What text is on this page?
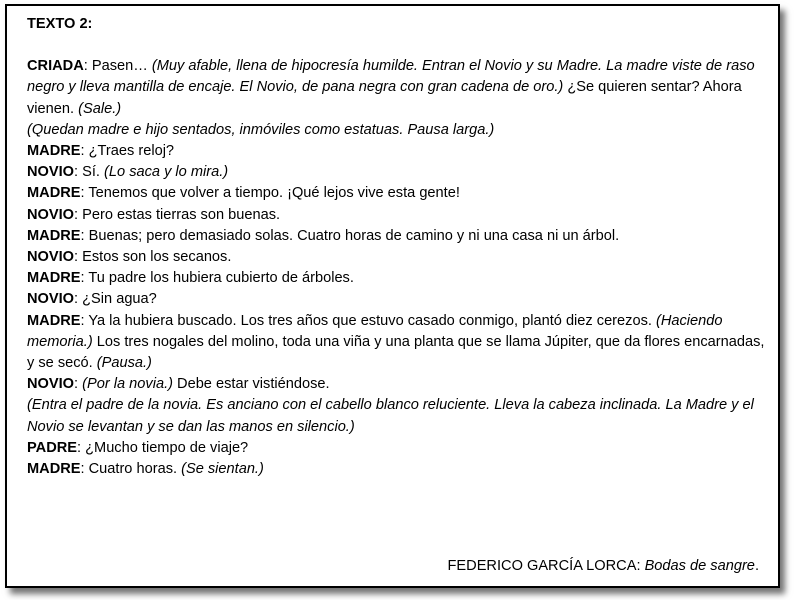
TEXTO 2:

CRIADA: Pasen… (Muy afable, llena de hipocresía humilde. Entran el Novio y su Madre. La madre viste de raso negro y lleva mantilla de encaje. El Novio, de pana negra con gran cadena de oro.) ¿Se quieren sentar? Ahora vienen. (Sale.)

(Quedan madre e hijo sentados, inmóviles como estatuas. Pausa larga.)

MADRE: ¿Traes reloj?

NOVIO: Sí. (Lo saca y lo mira.)

MADRE: Tenemos que volver a tiempo. ¡Qué lejos vive esta gente!

NOVIO: Pero estas tierras son buenas.

MADRE: Buenas; pero demasiado solas. Cuatro horas de camino y ni una casa ni un árbol.

NOVIO: Estos son los secanos.

MADRE: Tu padre los hubiera cubierto de árboles.

NOVIO: ¿Sin agua?

MADRE: Ya la hubiera buscado. Los tres años que estuvo casado conmigo, plantó diez cerezos. (Haciendo memoria.) Los tres nogales del molino, toda una viña y una planta que se llama Júpiter, que da flores encarnadas, y se secó. (Pausa.)

NOVIO: (Por la novia.) Debe estar vistiéndose.

(Entra el padre de la novia. Es anciano con el cabello blanco reluciente. Lleva la cabeza inclinada. La Madre y el Novio se levantan y se dan las manos en silencio.)

PADRE: ¿Mucho tiempo de viaje?

MADRE: Cuatro horas. (Se sientan.)

FEDERICO GARCÍA LORCA: Bodas de sangre.
